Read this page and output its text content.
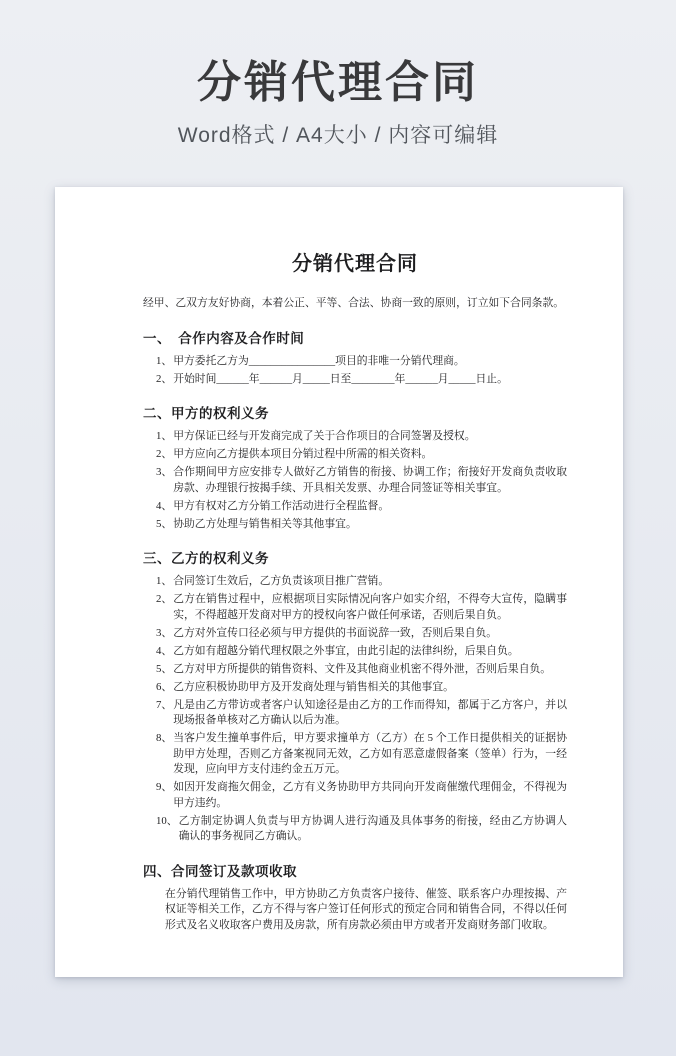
分销代理合同
Word格式 / A4大小 / 内容可编辑
分销代理合同

经甲、乙双方友好协商，本着公正、平等、合法、协商一致的原则，订立如下合同条款。

一、　合作内容及合作时间
1、 甲方委托乙方为________________项目的非唯一分销代理商。
2、 开始时间______年______月_____日至________年______月_____日止。
二、甲方的权利义务
1、 甲方保证已经与开发商完成了关于合作项目的合同签署及授权。
2、 甲方应向乙方提供本项目分销过程中所需的相关资料。
3、 合作期间甲方应安排专人做好乙方销售的衔接、协调工作；衔接好开发商负责收取房款、办理银行按揭手续、开具相关发票、办理合同签证等相关事宜。
4、 甲方有权对乙方分销工作活动进行全程监督。
5、 协助乙方处理与销售相关等其他事宜。
三、乙方的权利义务
1、 合同签订生效后，乙方负责该项目推广营销。
2、 乙方在销售过程中，应根据项目实际情况向客户如实介绍，不得夸大宣传，隐瞒事实，不得超越开发商对甲方的授权向客户做任何承诺，否则后果自负。
3、 乙方对外宣传口径必须与甲方提供的书面说辞一致，否则后果自负。
4、 乙方如有超越分销代理权限之外事宜，由此引起的法律纠纷，后果自负。
5、 乙方对甲方所提供的销售资料、文件及其他商业机密不得外泄，否则后果自负。
6、 乙方应积极协助甲方及开发商处理与销售相关的其他事宜。
7、 凡是由乙方带访或者客户认知途径是由乙方的工作而得知，都属于乙方客户，并以现场报备单核对乙方确认以后为准。
8、 当客户发生撞单事件后，甲方要求撞单方（乙方）在 5 个工作日提供相关的证据协助甲方处理，否则乙方备案视同无效，乙方如有恶意虚假备案（签单）行为，一经发现，应向甲方支付违约金五万元。
9、 如因开发商拖欠佣金，乙方有义务协助甲方共同向开发商催缴代理佣金，不得视为甲方违约。
10、 乙方制定协调人负责与甲方协调人进行沟通及具体事务的衔接，经由乙方协调人确认的事务视同乙方确认。
四、合同签订及款项收取

在分销代理销售工作中，甲方协助乙方负责客户接待、催签、联系客户办理按揭、产权证等相关工作，乙方不得与客户签订任何形式的预定合同和销售合同，不得以任何形式及名义收取客户费用及房款，所有房款必须由甲方或者开发商财务部门收取。
